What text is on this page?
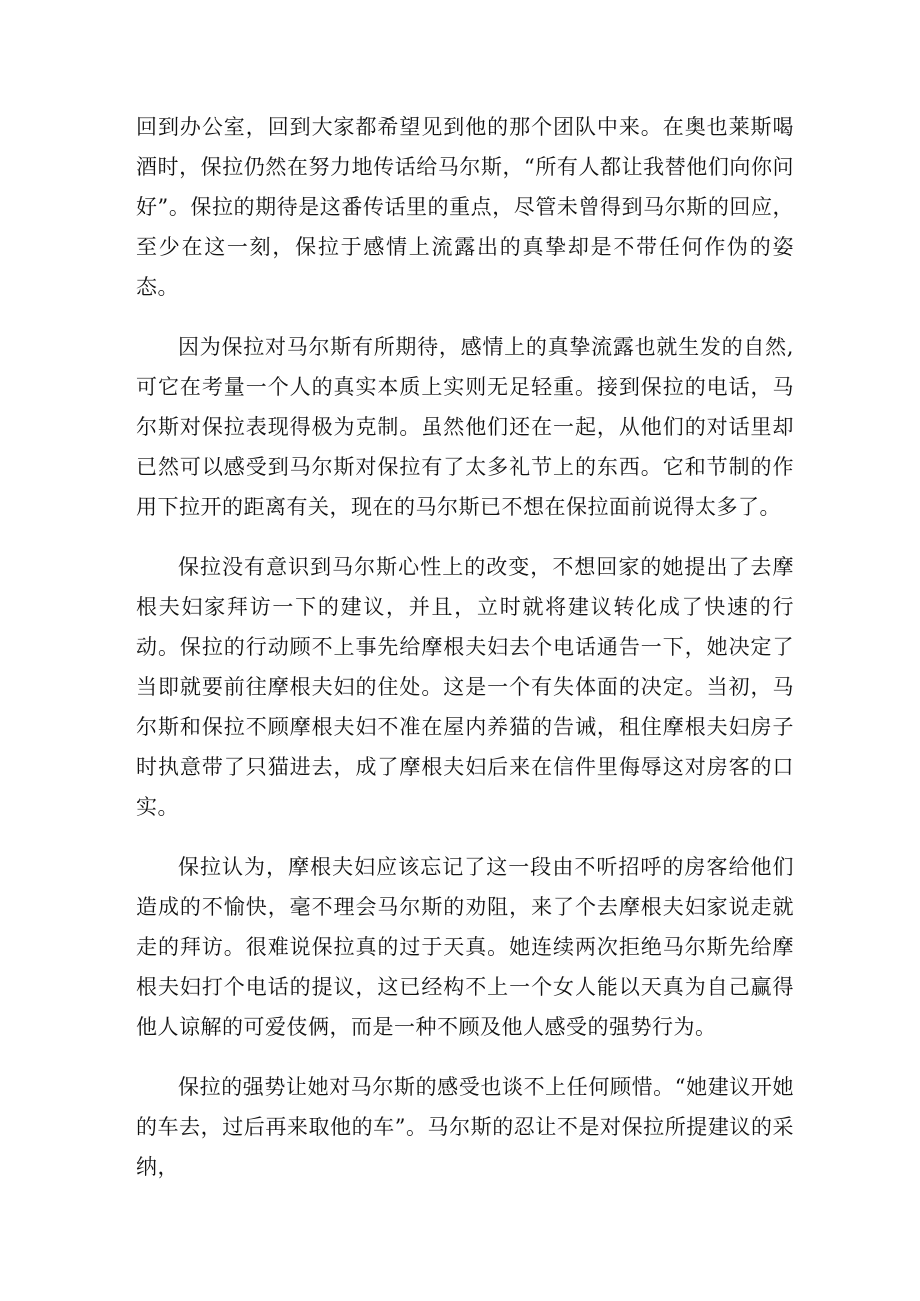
回到办公室，回到大家都希望见到他的那个团队中来。在奥也莱斯喝酒时，保拉仍然在努力地传话给马尔斯，“所有人都让我替他们向你问好”。保拉的期待是这番传话里的重点，尽管未曾得到马尔斯的回应，至少在这一刻，保拉于感情上流露出的真挚却是不带任何作伪的姿态。

因为保拉对马尔斯有所期待，感情上的真挚流露也就生发的自然,可它在考量一个人的真实本质上实则无足轻重。接到保拉的电话，马尔斯对保拉表现得极为克制。虽然他们还在一起，从他们的对话里却已然可以感受到马尔斯对保拉有了太多礼节上的东西。它和节制的作用下拉开的距离有关，现在的马尔斯已不想在保拉面前说得太多了。

保拉没有意识到马尔斯心性上的改变，不想回家的她提出了去摩根夫妇家拜访一下的建议，并且，立时就将建议转化成了快速的行动。保拉的行动顾不上事先给摩根夫妇去个电话通告一下，她决定了当即就要前往摩根夫妇的住处。这是一个有失体面的决定。当初，马尔斯和保拉不顾摩根夫妇不准在屋内养猫的告诫，租住摩根夫妇房子时执意带了只猫进去，成了摩根夫妇后来在信件里侮辱这对房客的口实。

保拉认为，摩根夫妇应该忘记了这一段由不听招呼的房客给他们造成的不愉快，毫不理会马尔斯的劝阻，来了个去摩根夫妇家说走就走的拜访。很难说保拉真的过于天真。她连续两次拒绝马尔斯先给摩根夫妇打个电话的提议，这已经构不上一个女人能以天真为自己赢得他人谅解的可爱伎俩，而是一种不顾及他人感受的强势行为。

保拉的强势让她对马尔斯的感受也谈不上任何顾惜。“她建议开她的车去，过后再来取他的车”。马尔斯的忍让不是对保拉所提建议的采纳，
